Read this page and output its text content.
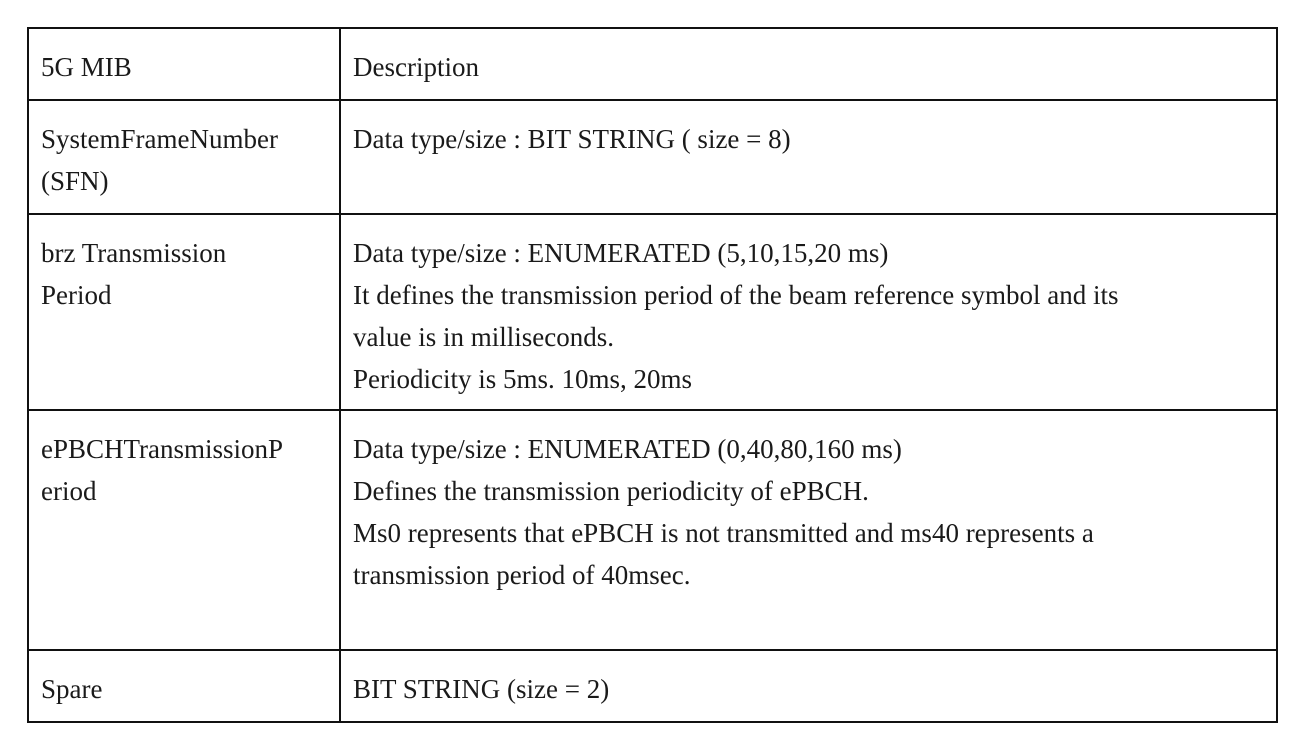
5G MIB	Description

SystemFrameNumber
(SFN)	Data type/size : BIT STRING ( size = 8)

brz Transmission
Period	Data type/size : ENUMERATED (5,10,15,20 ms)
It defines the transmission period of the beam reference symbol and its
value is in milliseconds.
Periodicity is 5ms. 10ms, 20ms

ePBCHTransmissionP
eriod	Data type/size : ENUMERATED (0,40,80,160 ms)
Defines the transmission periodicity of ePBCH.
Ms0 represents that ePBCH is not transmitted and ms40 represents a
transmission period of 40msec.

Spare	BIT STRING (size = 2)
